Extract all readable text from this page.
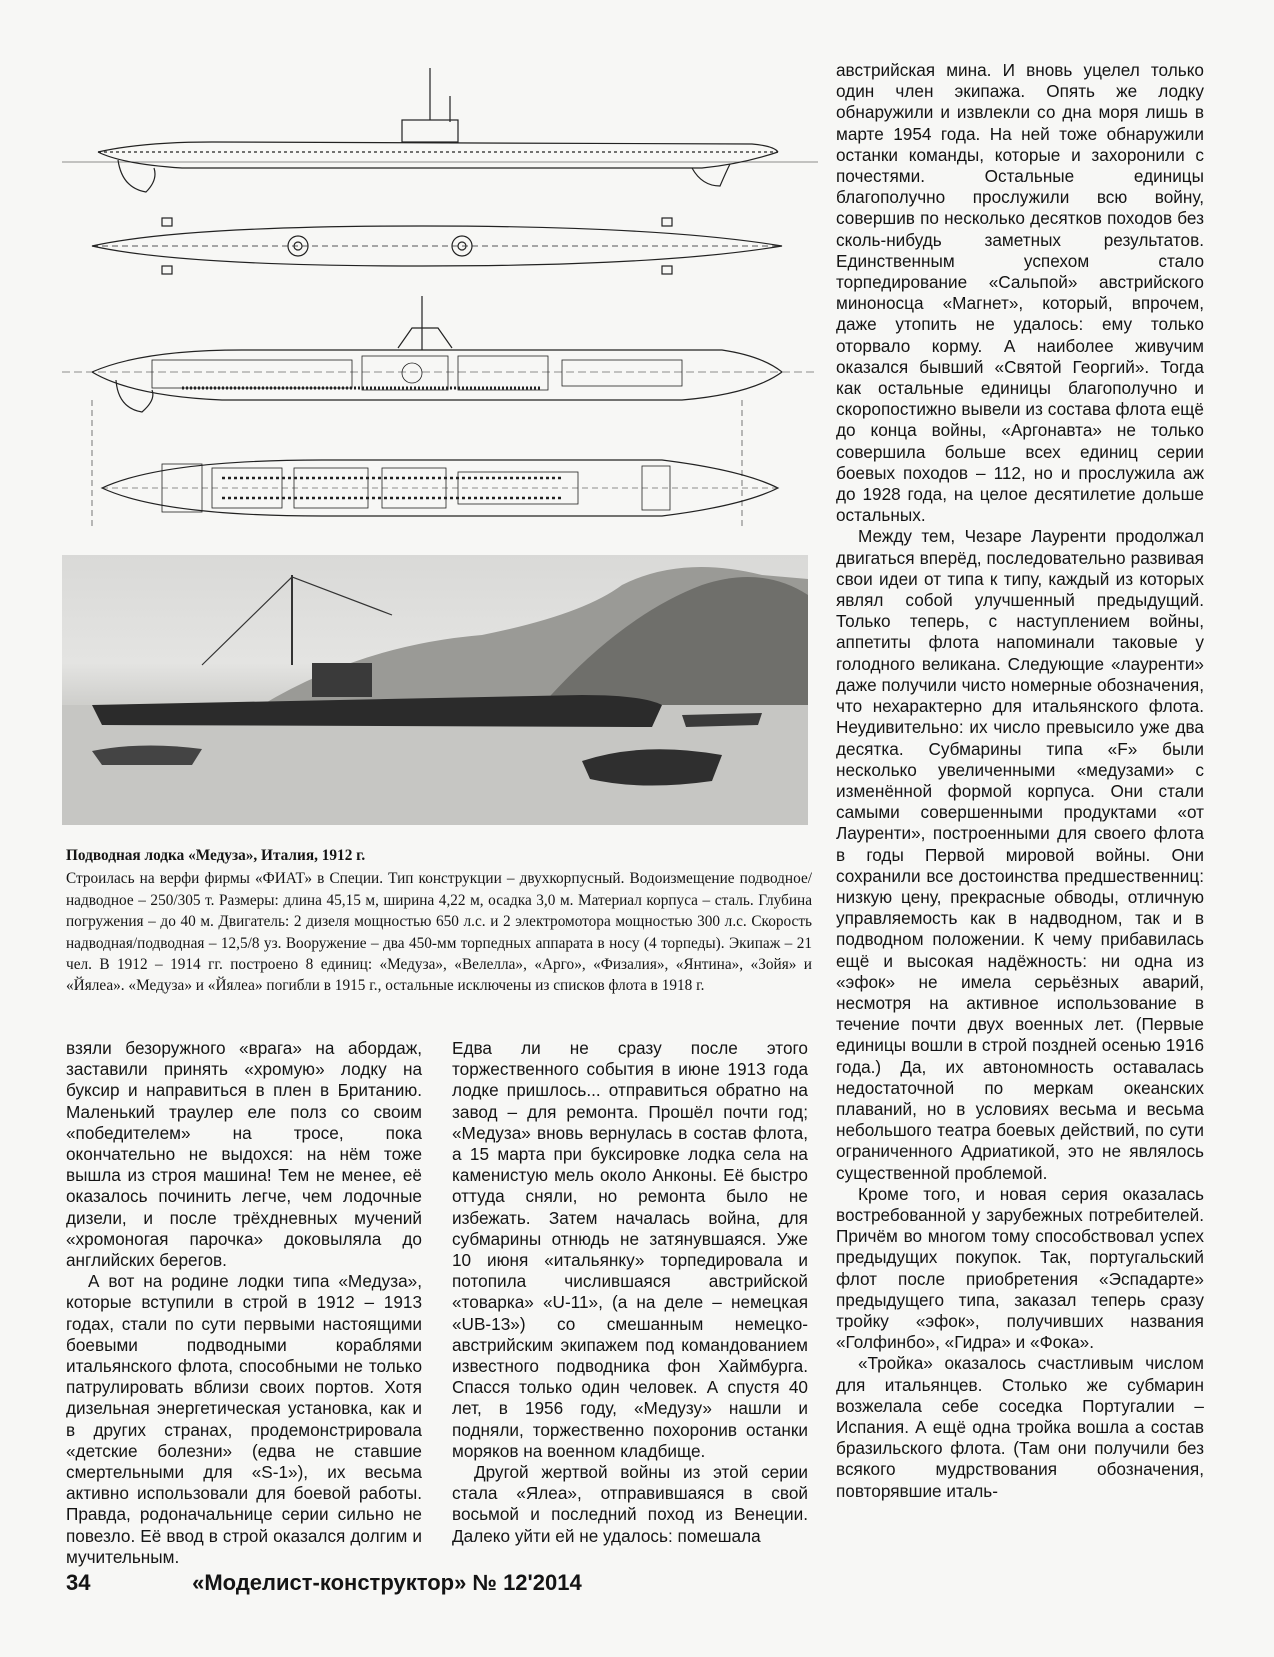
Подводная лодка «Медуза», Италия, 1912 г.
Строилась на верфи фирмы «ФИАТ» в Специи. Тип конструкции – двухкорпусный. Водоизмещение подводное/надводное – 250/305 т. Размеры: длина 45,15 м, ширина 4,22 м, осадка 3,0 м. Материал корпуса – сталь. Глубина погружения – до 40 м. Двигатель: 2 дизеля мощностью 650 л.с. и 2 электромотора мощностью 300 л.с. Скорость надводная/подводная – 12,5/8 уз. Вооружение – два 450-мм торпедных аппарата в носу (4 торпеды). Экипаж – 21 чел. В 1912 – 1914 гг. построено 8 единиц: «Медуза», «Велелла», «Арго», «Физалия», «Янтина», «Зойя» и «Йялеа». «Медуза» и «Йялеа» погибли в 1915 г., остальные исключены из списков флота в 1918 г.

взяли безоружного «врага» на абордаж, заставили принять «хромую» лодку на буксир и направиться в плен в Британию. Маленький траулер еле полз со своим «победителем» на тросе, пока окончательно не выдохся: на нём тоже вышла из строя машина! Тем не менее, её оказалось починить легче, чем лодочные дизели, и после трёхдневных мучений «хромоногая парочка» доковыляла до английских берегов.

А вот на родине лодки типа «Медуза», которые вступили в строй в 1912 – 1913 годах, стали по сути первыми настоящими боевыми подводными кораблями итальянского флота, способными не только патрулировать вблизи своих портов. Хотя дизельная энергетическая установка, как и в других странах, продемонстрировала «детские болезни» (едва не ставшие смертельными для «S-1»), их весьма активно использовали для боевой работы. Правда, родоначальнице серии сильно не повезло. Её ввод в строй оказался долгим и мучительным.

Едва ли не сразу после этого торжественного события в июне 1913 года лодке пришлось... отправиться обратно на завод – для ремонта. Прошёл почти год; «Медуза» вновь вернулась в состав флота, а 15 марта при буксировке лодка села на каменистую мель около Анконы. Её быстро оттуда сняли, но ремонта было не избежать. Затем началась война, для субмарины отнюдь не затянувшаяся. Уже 10 июня «итальянку» торпедировала и потопила числившаяся австрийской «товарка» «U-11», (а на деле – немецкая «UB-13») со смешанным немецко-австрийским экипажем под командованием известного подводника фон Хаймбурга. Спасся только один человек. А спустя 40 лет, в 1956 году, «Медузу» нашли и подняли, торжественно похоронив останки моряков на военном кладбище.

Другой жертвой войны из этой серии стала «Ялеа», отправившаяся в свой восьмой и последний поход из Венеции. Далеко уйти ей не удалось: помешала

австрийская мина. И вновь уцелел только один член экипажа. Опять же лодку обнаружили и извлекли со дна моря лишь в марте 1954 года. На ней тоже обнаружили останки команды, которые и захоронили с почестями. Остальные единицы благополучно прослужили всю войну, совершив по несколько десятков походов без сколь-нибудь заметных результатов. Единственным успехом стало торпедирование «Сальпой» австрийского миноносца «Магнет», который, впрочем, даже утопить не удалось: ему только оторвало корму. А наиболее живучим оказался бывший «Святой Георгий». Тогда как остальные единицы благополучно и скоропостижно вывели из состава флота ещё до конца войны, «Аргонавта» не только совершила больше всех единиц серии боевых походов – 112, но и прослужила аж до 1928 года, на целое десятилетие дольше остальных.

Между тем, Чезаре Лауренти продолжал двигаться вперёд, последовательно развивая свои идеи от типа к типу, каждый из которых являл собой улучшенный предыдущий. Только теперь, с наступлением войны, аппетиты флота напоминали таковые у голодного великана. Следующие «лауренти» даже получили чисто номерные обозначения, что нехарактерно для итальянского флота. Неудивительно: их число превысило уже два десятка. Субмарины типа «F» были несколько увеличенными «медузами» с изменённой формой корпуса. Они стали самыми совершенными продуктами «от Лауренти», построенными для своего флота в годы Первой мировой войны. Они сохранили все достоинства предшественниц: низкую цену, прекрасные обводы, отличную управляемость как в надводном, так и в подводном положении. К чему прибавилась ещё и высокая надёжность: ни одна из «эфок» не имела серьёзных аварий, несмотря на активное использование в течение почти двух военных лет. (Первые единицы вошли в строй поздней осенью 1916 года.) Да, их автономность оставалась недостаточной по меркам океанских плаваний, но в условиях весьма и весьма небольшого театра боевых действий, по сути ограниченного Адриатикой, это не являлось существенной проблемой.

Кроме того, и новая серия оказалась востребованной у зарубежных потребителей. Причём во многом тому способствовал успех предыдущих покупок. Так, португальский флот после приобретения «Эспадарте» предыдущего типа, заказал теперь сразу тройку «эфок», получивших названия «Голфинбо», «Гидра» и «Фока».

«Тройка» оказалось счастливым числом для итальянцев. Столько же субмарин возжелала себе соседка Португалии – Испания. А ещё одна тройка вошла а состав бразильского флота. (Там они получили без всякого мудрствования обозначения, повторявшие италь-

34	«Моделист-конструктор» № 12'2014
